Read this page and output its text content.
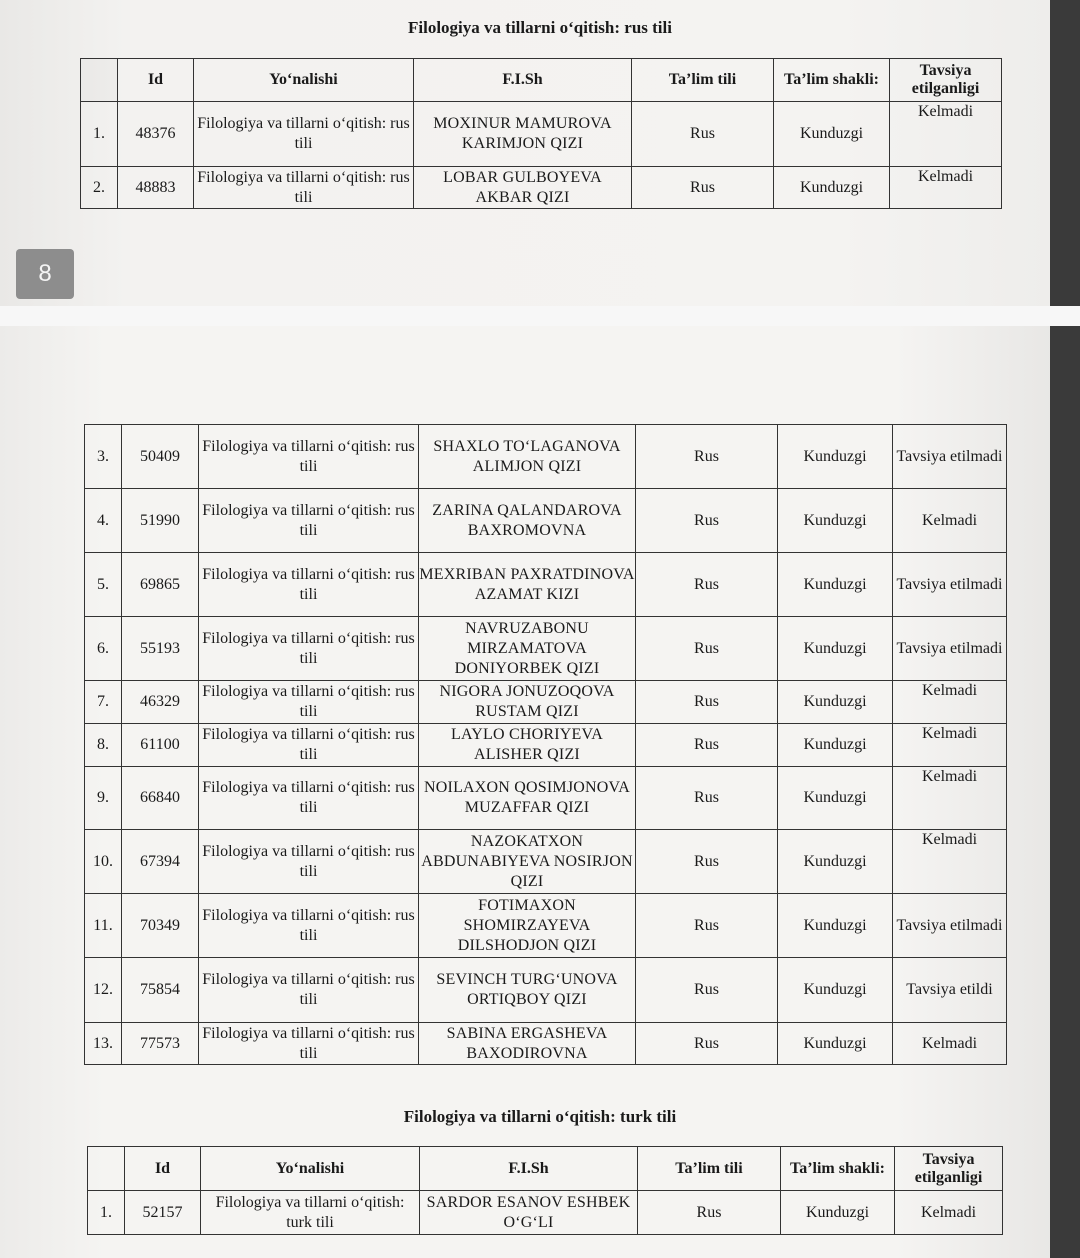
8
Filologiya va tillarni o‘qitish: rus tili
	Id	Yo‘nalishi	F.I.Sh	Ta’lim tili	Ta’lim shakli:	Tavsiya etilganligi
1.	48376	Filologiya va tillarni o‘qitish: rus tili	MOXINUR MAMUROVA KARIMJON QIZI	Rus	Kunduzgi	Kelmadi
2.	48883	Filologiya va tillarni o‘qitish: rus tili	LOBAR GULBOYEVA AKBAR QIZI	Rus	Kunduzgi	Kelmadi
3.	50409	Filologiya va tillarni o‘qitish: rus tili	SHAXLO TO‘LAGANOVA ALIMJON QIZI	Rus	Kunduzgi	Tavsiya etilmadi
4.	51990	Filologiya va tillarni o‘qitish: rus tili	ZARINA QALANDAROVA BAXROMOVNA	Rus	Kunduzgi	Kelmadi
5.	69865	Filologiya va tillarni o‘qitish: rus tili	MEXRIBAN PAXRATDINOVA AZAMAT KIZI	Rus	Kunduzgi	Tavsiya etilmadi
6.	55193	Filologiya va tillarni o‘qitish: rus tili	NAVRUZABONU MIRZAMATOVA DONIYORBEK QIZI	Rus	Kunduzgi	Tavsiya etilmadi
7.	46329	Filologiya va tillarni o‘qitish: rus tili	NIGORA JONUZOQOVA RUSTAM QIZI	Rus	Kunduzgi	Kelmadi
8.	61100	Filologiya va tillarni o‘qitish: rus tili	LAYLO CHORIYEVA ALISHER QIZI	Rus	Kunduzgi	Kelmadi
9.	66840	Filologiya va tillarni o‘qitish: rus tili	NOILAXON QOSIMJONOVA MUZAFFAR QIZI	Rus	Kunduzgi	Kelmadi
10.	67394	Filologiya va tillarni o‘qitish: rus tili	NAZOKATXON ABDUNABIYEVA NOSIRJON QIZI	Rus	Kunduzgi	Kelmadi
11.	70349	Filologiya va tillarni o‘qitish: rus tili	FOTIMAXON SHOMIRZAYEVA DILSHODJON QIZI	Rus	Kunduzgi	Tavsiya etilmadi
12.	75854	Filologiya va tillarni o‘qitish: rus tili	SEVINCH TURG‘UNOVA ORTIQBOY QIZI	Rus	Kunduzgi	Tavsiya etildi
13.	77573	Filologiya va tillarni o‘qitish: rus tili	SABINA ERGASHEVA BAXODIROVNA	Rus	Kunduzgi	Kelmadi
Filologiya va tillarni o‘qitish: turk tili
	Id	Yo‘nalishi	F.I.Sh	Ta’lim tili	Ta’lim shakli:	Tavsiya etilganligi
1.	52157	Filologiya va tillarni o‘qitish: turk tili	SARDOR ESANOV ESHBEK O‘G‘LI	Rus	Kunduzgi	Kelmadi
